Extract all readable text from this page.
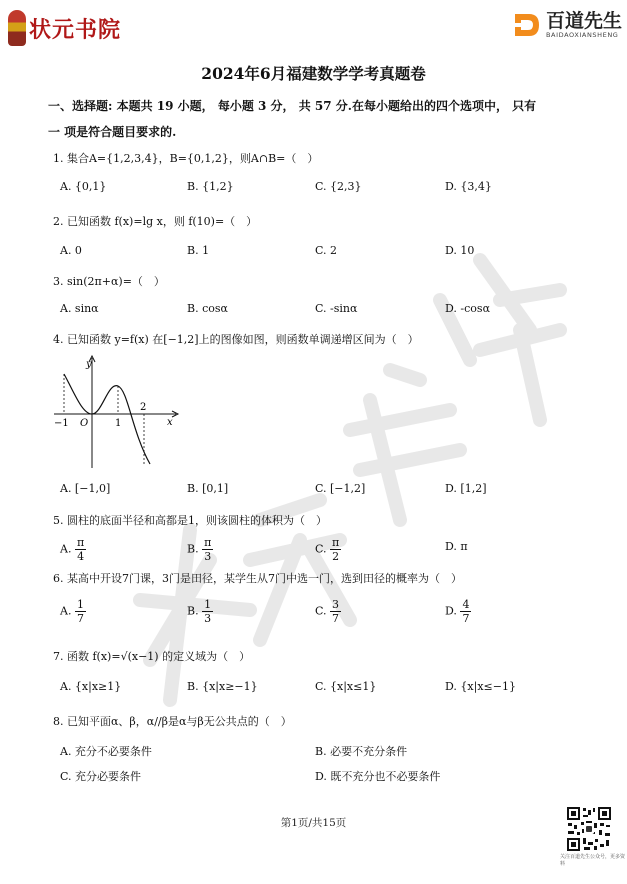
状元书院	百道先生
BAIDAOXIANSHENG
2024年6月福建数学学考真题卷
一、选择题: 本题共 19 小题， 每小题 3 分， 共 57 分.在每小题给出的四个选项中， 只有
一 项是符合题目要求的.
1. 集合A={1,2,3,4}，B={0,1,2}，则A∩B=（　）
A. {0,1}	B. {1,2}	C. {2,3}	D. {3,4}
2. 已知函数 f(x)=lg x，则 f(10)=（　）
A. 0	B. 1	C. 2	D. 10
3. sin(2π+α)=（　）
A. sinα	B. cosα	C. -sinα	D. -cosα
4. 已知函数 y=f(x) 在[−1,2]上的图像如图，则函数单调递增区间为（　）
y
x
−1 O	1
2
A. [−1,0]	B. [0,1]	C. [−1,2]	D. [1,2]
5. 圆柱的底面半径和高都是1，则该圆柱的体积为（　）
A. $\frac{\pi}{4}$	B. $\frac{\pi}{3}$	C. $\frac{\pi}{2}$	D. π
6. 某高中开设7门课，3门是田径，某学生从7门中选一门，选到田径的概率为（　）
A. $\frac{1}{7}$	B. $\frac{1}{3}$	C. $\frac{3}{7}$	D. $\frac{4}{7}$
7. 函数 f(x)=√(x−1) 的定义域为（　）
A. {x|x≥1}	B. {x|x≥−1}	C. {x|x≤1}	D. {x|x≤−1}
8. 已知平面α、β，α//β是α与β无公共点的（　）
A. 充分不必要条件	B. 必要不充分条件
C. 充分必要条件	D. 既不充分也不必要条件
第1页/共15页
关注百道先生公众号，更多资料
